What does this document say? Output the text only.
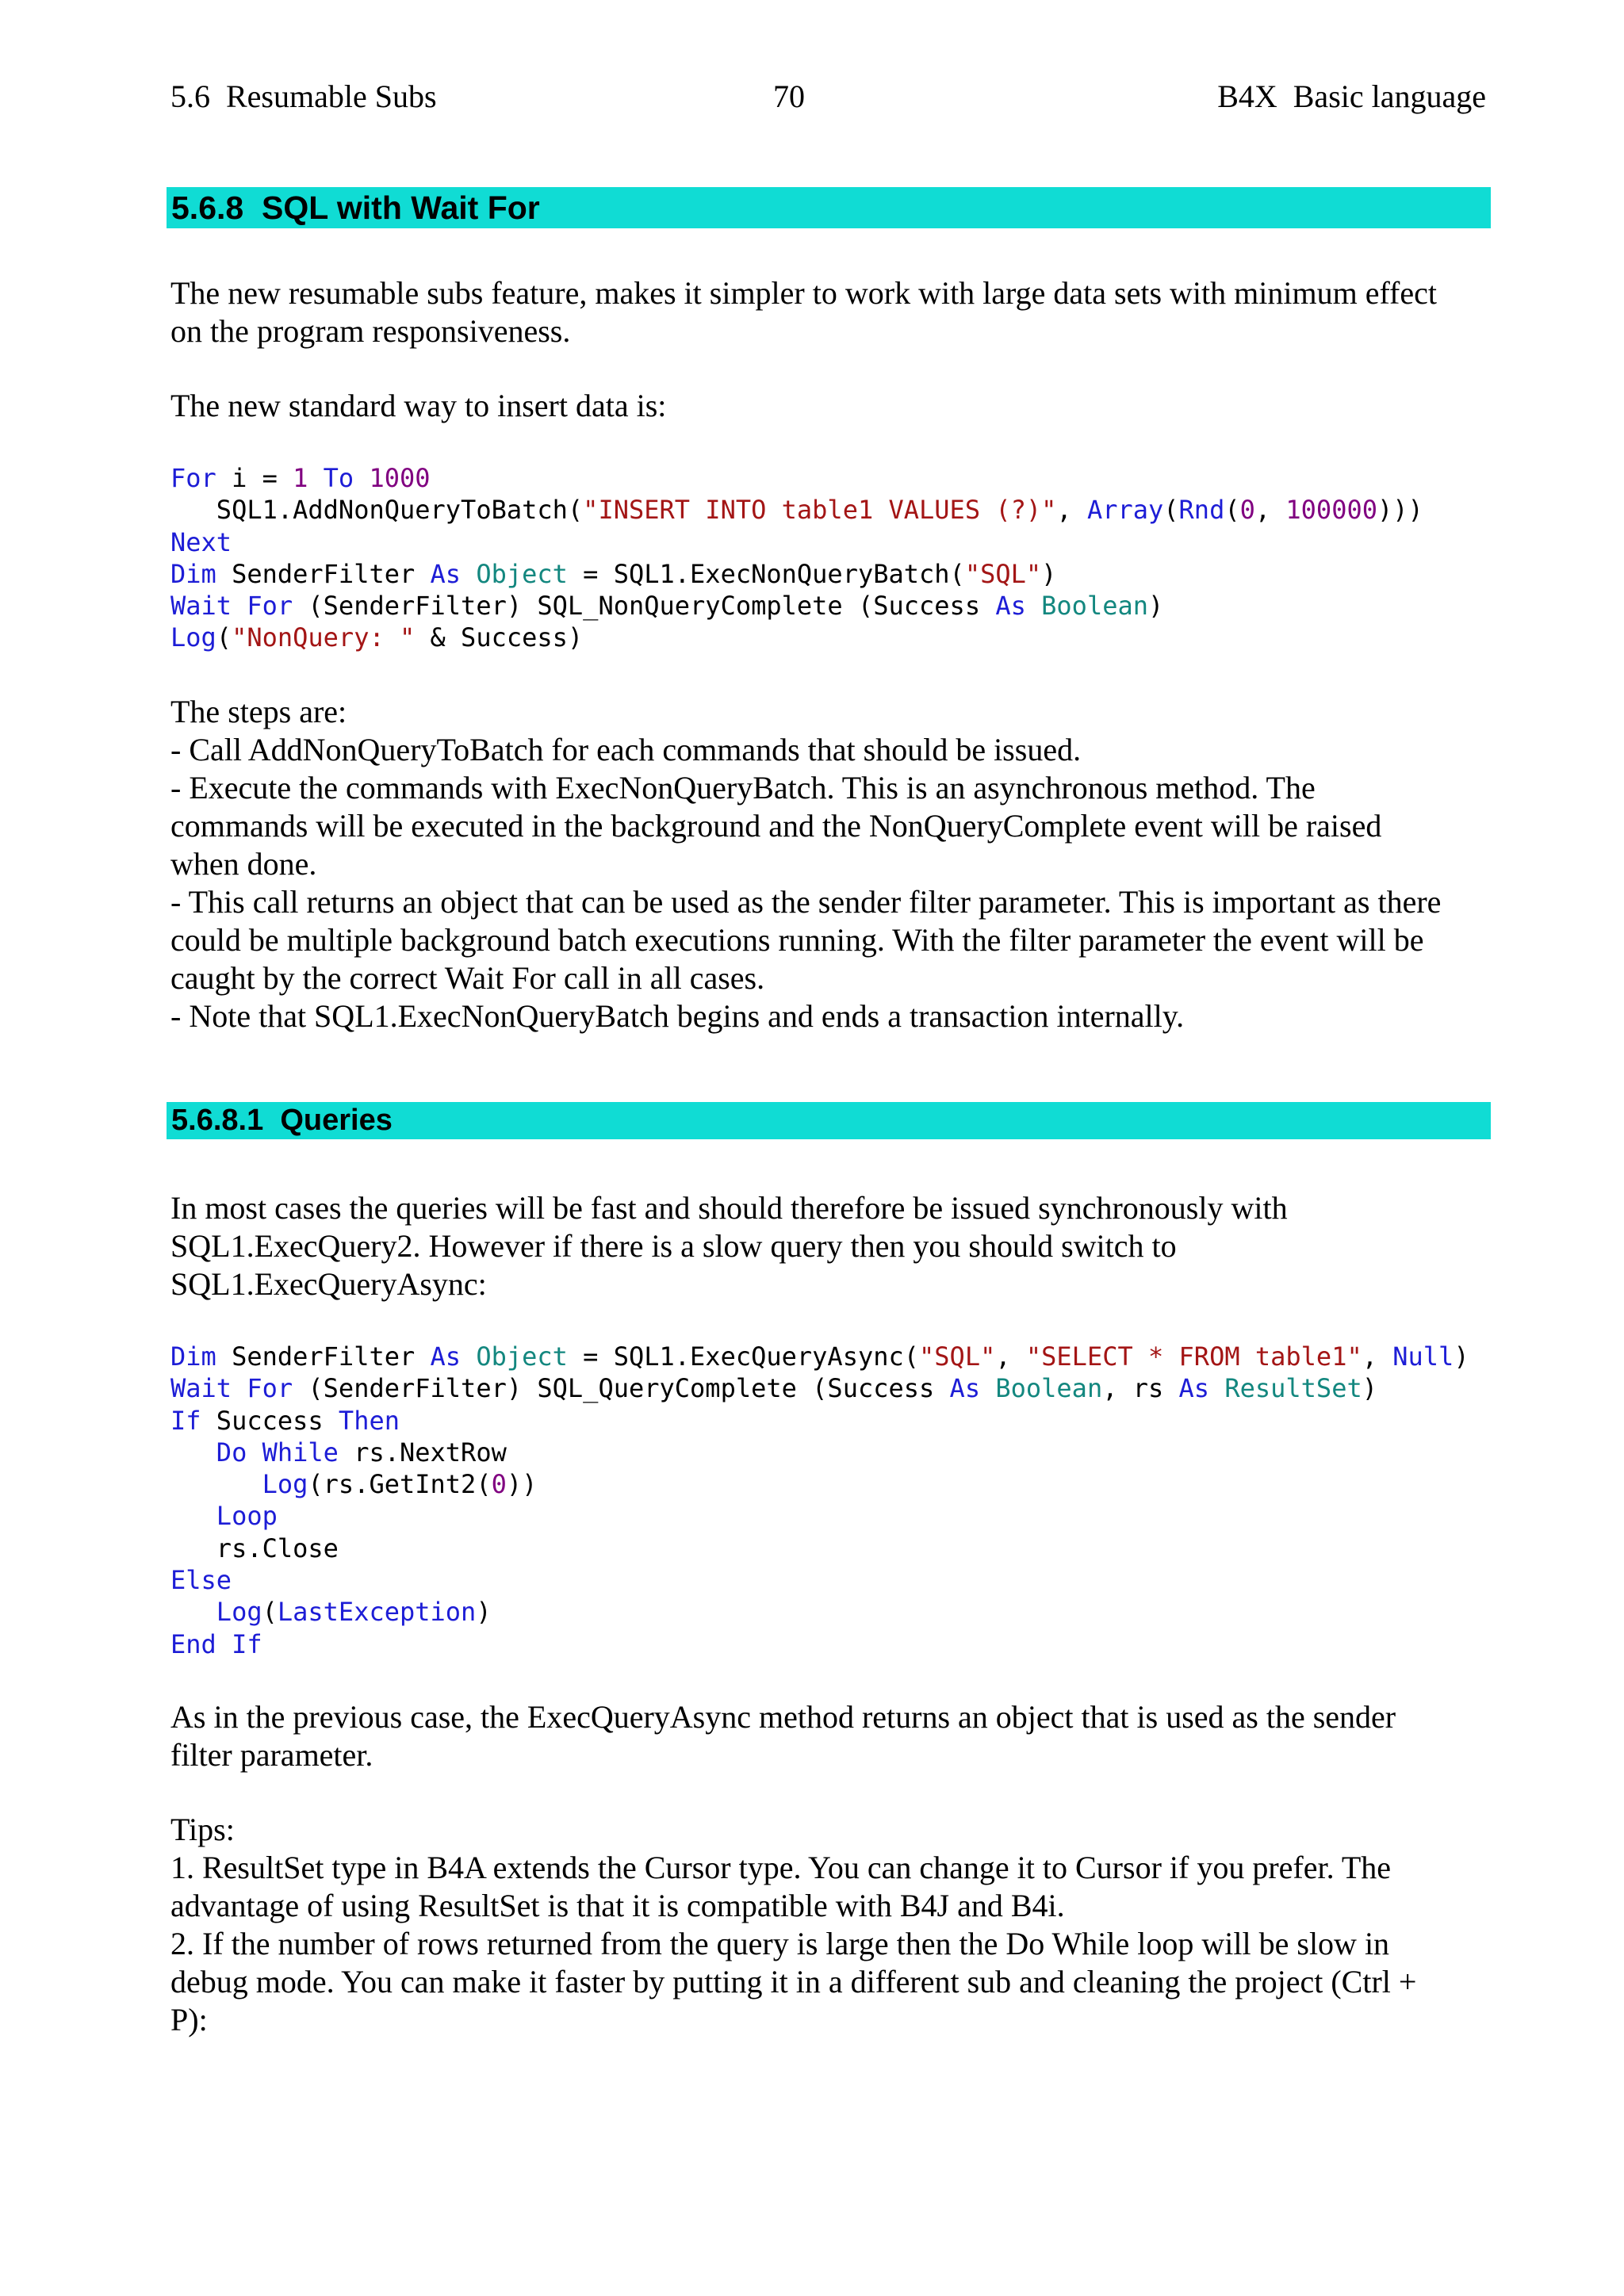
5.6  Resumable Subs	70	B4X  Basic language
5.6.8  SQL with Wait For
The new resumable subs feature, makes it simpler to work with large data sets with minimum effect
on the program responsiveness.
The new standard way to insert data is:
For i = 1 To 1000
SQL1.AddNonQueryToBatch("INSERT INTO table1 VALUES (?)", Array(Rnd(0, 100000)))
Next
Dim SenderFilter As Object = SQL1.ExecNonQueryBatch("SQL")
Wait For (SenderFilter) SQL_NonQueryComplete (Success As Boolean)
Log("NonQuery: " & Success)
The steps are:
- Call AddNonQueryToBatch for each commands that should be issued.
- Execute the commands with ExecNonQueryBatch. This is an asynchronous method. The
commands will be executed in the background and the NonQueryComplete event will be raised
when done.
- This call returns an object that can be used as the sender filter parameter. This is important as there
could be multiple background batch executions running. With the filter parameter the event will be
caught by the correct Wait For call in all cases.
- Note that SQL1.ExecNonQueryBatch begins and ends a transaction internally.
5.6.8.1  Queries
In most cases the queries will be fast and should therefore be issued synchronously with
SQL1.ExecQuery2. However if there is a slow query then you should switch to
SQL1.ExecQueryAsync:
Dim SenderFilter As Object = SQL1.ExecQueryAsync("SQL", "SELECT * FROM table1", Null)
Wait For (SenderFilter) SQL_QueryComplete (Success As Boolean, rs As ResultSet)
If Success Then
Do While rs.NextRow
Log(rs.GetInt2(0))
Loop
rs.Close
Else
Log(LastException)
End If
As in the previous case, the ExecQueryAsync method returns an object that is used as the sender
filter parameter.
Tips:
1. ResultSet type in B4A extends the Cursor type. You can change it to Cursor if you prefer. The
advantage of using ResultSet is that it is compatible with B4J and B4i.
2. If the number of rows returned from the query is large then the Do While loop will be slow in
debug mode. You can make it faster by putting it in a different sub and cleaning the project (Ctrl +
P):
